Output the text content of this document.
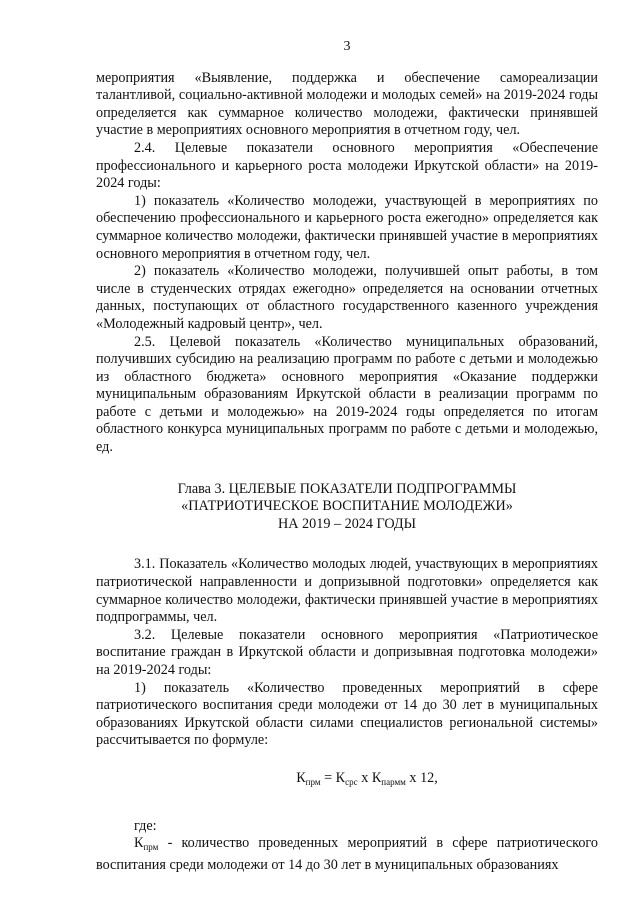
3

мероприятия «Выявление, поддержка и обеспечение самореализации талантливой, социально-активной молодежи и молодых семей» на 2019-2024 годы определяется как суммарное количество молодежи, фактически принявшей участие в мероприятиях основного мероприятия в отчетном году, чел.

2.4. Целевые показатели основного мероприятия «Обеспечение профессионального и карьерного роста молодежи Иркутской области» на 2019-2024 годы:

1) показатель «Количество молодежи, участвующей в мероприятиях по обеспечению профессионального и карьерного роста ежегодно» определяется как суммарное количество молодежи, фактически принявшей участие в мероприятиях основного мероприятия в отчетном году, чел.

2) показатель «Количество молодежи, получившей опыт работы, в том числе в студенческих отрядах ежегодно» определяется на основании отчетных данных, поступающих от областного государственного казенного учреждения «Молодежный кадровый центр», чел.

2.5. Целевой показатель «Количество муниципальных образований, получивших субсидию на реализацию программ по работе с детьми и молодежью из областного бюджета» основного мероприятия «Оказание поддержки муниципальным образованиям Иркутской области в реализации программ по работе с детьми и молодежью» на 2019-2024 годы определяется по итогам областного конкурса муниципальных программ по работе с детьми и молодежью, ед.

Глава 3. ЦЕЛЕВЫЕ ПОКАЗАТЕЛИ ПОДПРОГРАММЫ
«ПАТРИОТИЧЕСКОЕ ВОСПИТАНИЕ МОЛОДЕЖИ»
НА 2019 – 2024 ГОДЫ

3.1. Показатель «Количество молодых людей, участвующих в мероприятиях патриотической направленности и допризывной подготовки» определяется как суммарное количество молодежи, фактически принявшей участие в мероприятиях подпрограммы, чел.

3.2. Целевые показатели основного мероприятия «Патриотическое воспитание граждан в Иркутской области и допризывная подготовка молодежи» на 2019-2024 годы:

1) показатель «Количество проведенных мероприятий в сфере патриотического воспитания среди молодежи от 14 до 30 лет в муниципальных образованиях Иркутской области силами специалистов региональной системы» рассчитывается по формуле:

$К_{прм} = К_{срс}$ x $К_{пармм}$ x 12,

где:

$К_{прм}$ - количество проведенных мероприятий в сфере патриотического воспитания среди молодежи от 14 до 30 лет в муниципальных образованиях
